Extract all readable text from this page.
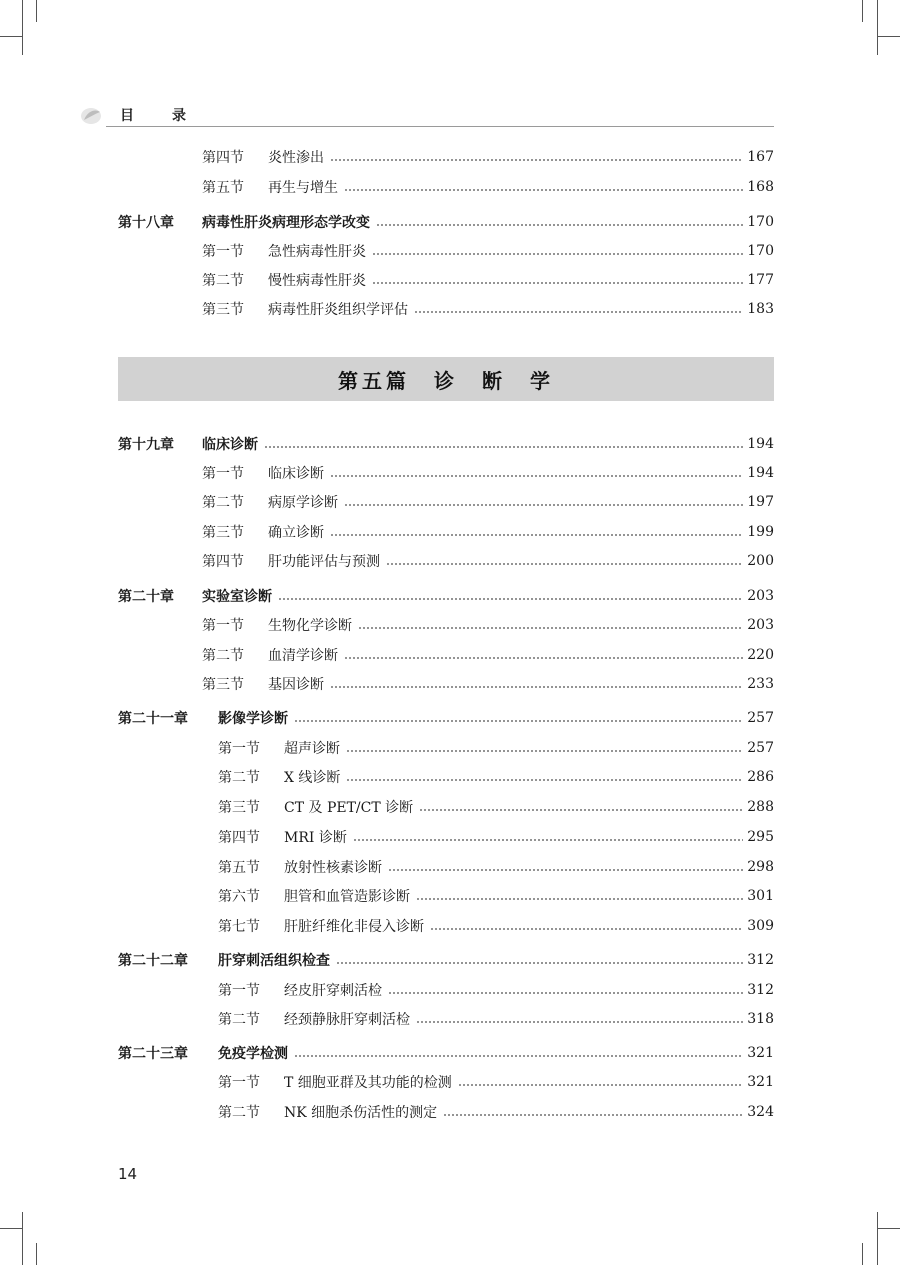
目　录
第五篇　诊　断　学
第四节	炎性渗出	167
第五节	再生与增生	168
第十八章	病毒性肝炎病理形态学改变	170
第一节	急性病毒性肝炎	170
第二节	慢性病毒性肝炎	177
第三节	病毒性肝炎组织学评估	183
第十九章	临床诊断	194
第一节	临床诊断	194
第二节	病原学诊断	197
第三节	确立诊断	199
第四节	肝功能评估与预测	200
第二十章	实验室诊断	203
第一节	生物化学诊断	203
第二节	血清学诊断	220
第三节	基因诊断	233
第二十一章	影像学诊断	257
第一节	超声诊断	257
第二节	X 线诊断	286
第三节	CT 及 PET/CT 诊断	288
第四节	MRI 诊断	295
第五节	放射性核素诊断	298
第六节	胆管和血管造影诊断	301
第七节	肝脏纤维化非侵入诊断	309
第二十二章	肝穿刺活组织检查	312
第一节	经皮肝穿刺活检	312
第二节	经颈静脉肝穿刺活检	318
第二十三章	免疫学检测	321
第一节	T 细胞亚群及其功能的检测	321
第二节	NK 细胞杀伤活性的测定	324
14
